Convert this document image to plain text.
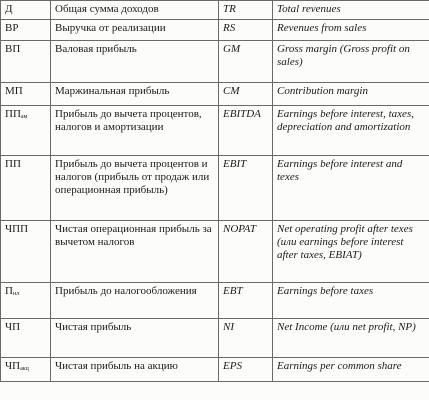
Д	Общая сумма доходов	TR	Total revenues
ВР	Выручка от реализации	RS	Revenues from sales
ВП	Валовая прибыль	GM	Gross margin (Gross profit on sales)
МП	Маржинальная прибыль	CM	Contribution margin
$ПП_{ам}$	Прибыль до вычета процентов, налогов и амортизации	EBITDA	Earnings before interest, taxes, depreciation and amortization
ПП	Прибыль до вычета процентов и налогов (прибыль от продаж или операционная прибыль)	EBIT	Earnings before interest and texes
ЧПП	Чистая операционная прибыль за вычетом налогов	NOPAT	Net operating profit after texes (или earnings before interest after taxes, EBIAT)
$П_{нл}$	Прибыль до налогообложения	EBT	Earnings before taxes
ЧП	Чистая прибыль	NI	Net Income (или net profit, NP)
$ЧП_{акц}$	Чистая прибыль на акцию	EPS	Earnings per common share
